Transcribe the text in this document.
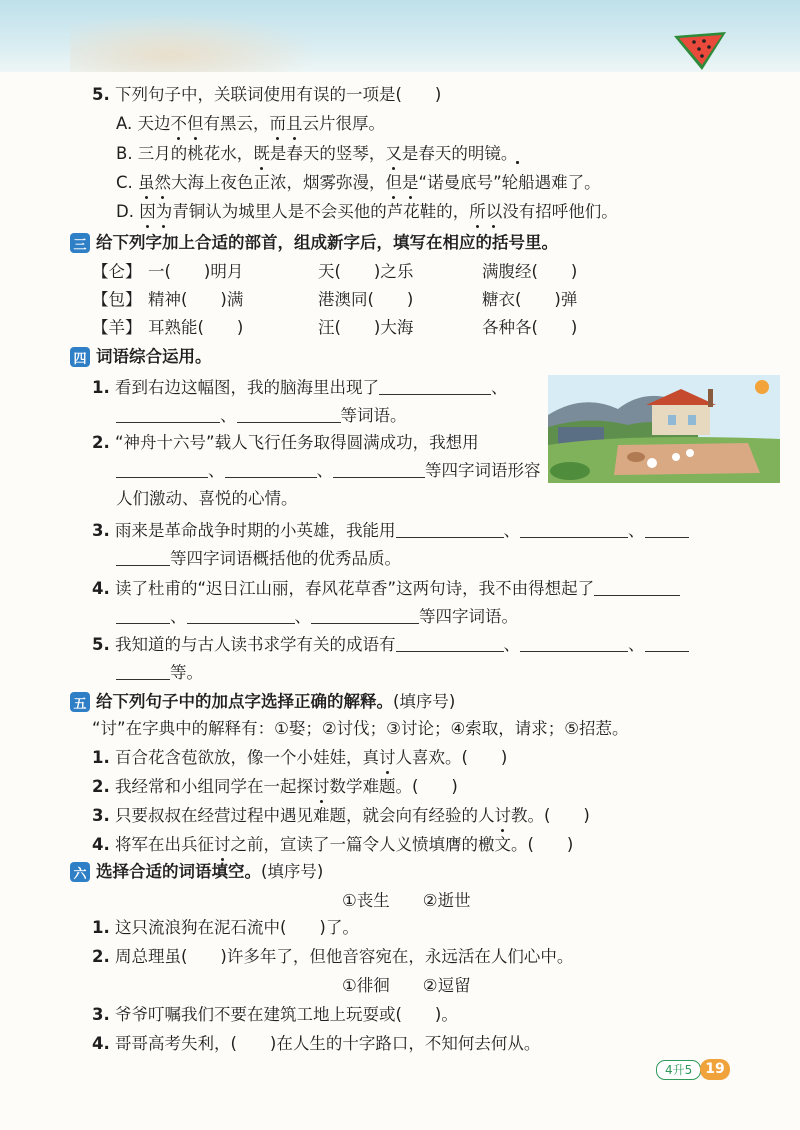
5. 下列句子中，关联词使用有误的一项是(　　)
A. 天边不但有黑云，而且云片很厚。
B. 三月的桃花水，既是春天的竖琴，又是春天的明镜。
C. 虽然大海上夜色正浓，烟雾弥漫，但是“诺曼底号”轮船遇难了。
D. 因为青铜认为城里人是不会买他的芦花鞋的，所以没有招呼他们。
三 给下列字加上合适的部首，组成新字后，填写在相应的括号里。
【仑】 一(　　)明月	天(　　)之乐	满腹经(　　)
【包】 精神(　　)满	港澳同(　　)	糖衣(　　)弹
【羊】 耳熟能(　　)	汪(　　)大海	各种各(　　)
四 词语综合运用。
1. 看到右边这幅图，我的脑海里出现了	、
、	等词语。
2. “神舟十六号”载人飞行任务取得圆满成功，我想用
、	、	等四字词语形容
人们激动、喜悦的心情。
3. 雨来是革命战争时期的小英雄，我能用	、	、
等四字词语概括他的优秀品质。
4. 读了杜甫的“迟日江山丽，春风花草香”这两句诗，我不由得想起了
、	、	等四字词语。
5. 我知道的与古人读书求学有关的成语有	、	、
等。
五 给下列句子中的加点字选择正确的解释。(填序号)
“讨”在字典中的解释有：①娶；②讨伐；③讨论；④索取，请求；⑤招惹。
1. 百合花含苞欲放，像一个小娃娃，真讨人喜欢。(　　)
2. 我经常和小组同学在一起探讨数学难题。(　　)
3. 只要叔叔在经营过程中遇见难题，就会向有经验的人讨教。(　　)
4. 将军在出兵征讨之前，宣读了一篇令人义愤填膺的檄文。(　　)
六 选择合适的词语填空。(填序号)
①丧生　　②逝世
1. 这只流浪狗在泥石流中(　　)了。
2. 周总理虽(　　)许多年了，但他音容宛在，永远活在人们心中。
①徘徊　　②逗留
3. 爷爷叮嘱我们不要在建筑工地上玩耍或(　　)。
4. 哥哥高考失利，(　　)在人生的十字路口，不知何去何从。
4升5 19
